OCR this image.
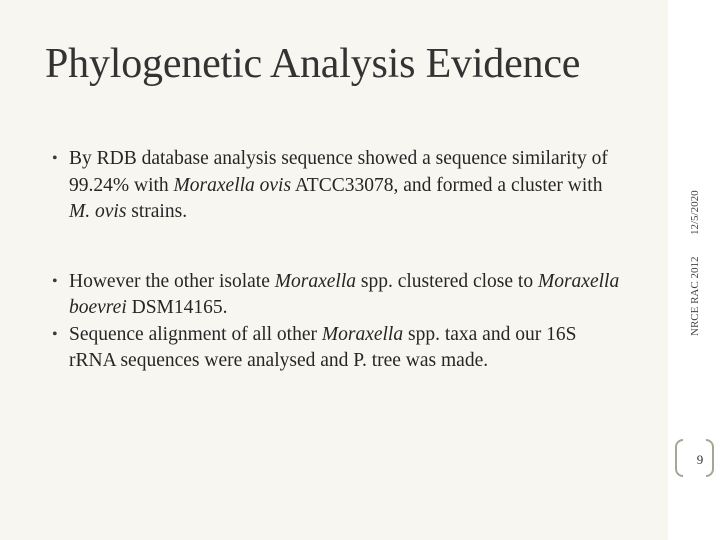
Phylogenetic Analysis Evidence
• By RDB database analysis sequence showed a sequence similarity of 99.24% with Moraxella ovis ATCC33078, and formed a cluster with M. ovis strains.
• However the other isolate Moraxella spp. clustered close to Moraxella boevrei DSM14165.
• Sequence alignment of all other Moraxella spp. taxa and our 16S rRNA sequences were analysed and P. tree was made.
12/5/2020
NRCE RAC 2012
9
